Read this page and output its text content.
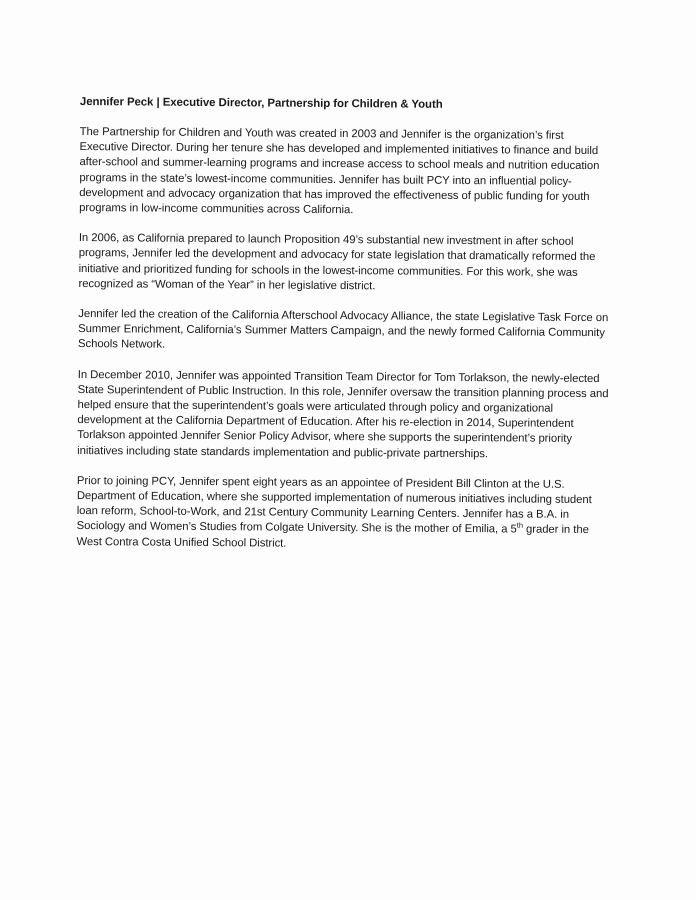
Jennifer Peck | Executive Director, Partnership for Children & Youth

The Partnership for Children and Youth was created in 2003 and Jennifer is the organization’s first Executive Director. During her tenure she has developed and implemented initiatives to finance and build after-school and summer-learning programs and increase access to school meals and nutrition education programs in the state’s lowest-income communities. Jennifer has built PCY into an influential policy-development and advocacy organization that has improved the effectiveness of public funding for youth programs in low-income communities across California.

In 2006, as California prepared to launch Proposition 49’s substantial new investment in after school programs, Jennifer led the development and advocacy for state legislation that dramatically reformed the initiative and prioritized funding for schools in the lowest-income communities. For this work, she was recognized as “Woman of the Year” in her legislative district.

Jennifer led the creation of the California Afterschool Advocacy Alliance, the state Legislative Task Force on Summer Enrichment, California’s Summer Matters Campaign, and the newly formed California Community Schools Network.

In December 2010, Jennifer was appointed Transition Team Director for Tom Torlakson, the newly-elected State Superintendent of Public Instruction. In this role, Jennifer oversaw the transition planning process and helped ensure that the superintendent’s goals were articulated through policy and organizational development at the California Department of Education. After his re-election in 2014, Superintendent Torlakson appointed Jennifer Senior Policy Advisor, where she supports the superintendent’s priority initiatives including state standards implementation and public-private partnerships.

Prior to joining PCY, Jennifer spent eight years as an appointee of President Bill Clinton at the U.S. Department of Education, where she supported implementation of numerous initiatives including student loan reform, School-to-Work, and 21st Century Community Learning Centers. Jennifer has a B.A. in Sociology and Women’s Studies from Colgate University. She is the mother of Emilia, a 5th grader in the West Contra Costa Unified School District.
